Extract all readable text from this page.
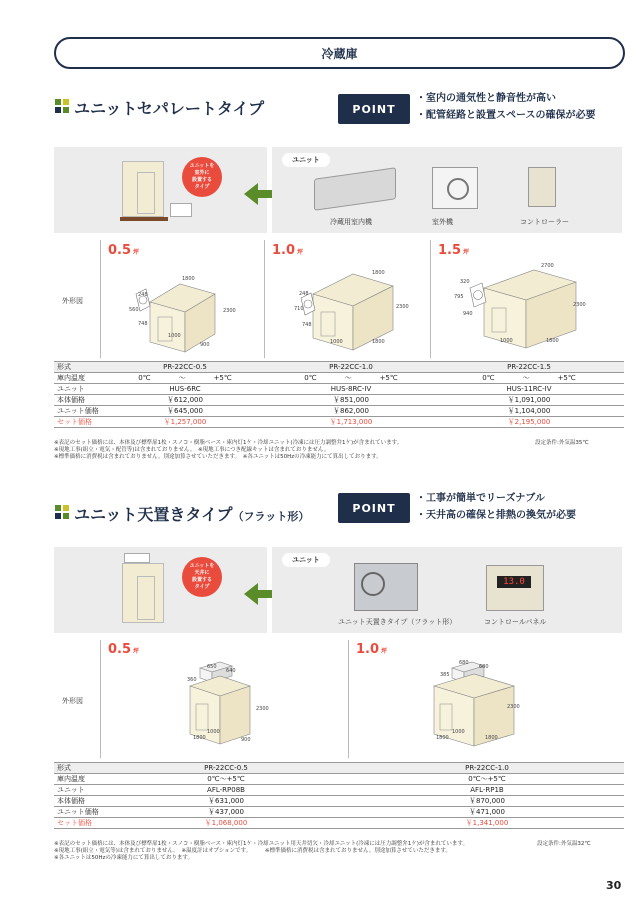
冷蔵庫
ユニットセパレートタイプ	POINT
・室内の通気性と静音性が高い
・配管経路と設置スペースの確保が必要
ユニットを
室外に
設置する
タイプ
ユニット
冷蔵用室内機	室外機	コントローラー
外形図
0.5 坪	1.0 坪	1.5 坪
1800
248
560
748
1000
900
2300
1800
248
710
748
1000	1800
2300
2700
320
795
940
1000	1800
2300
形式	PR-22CC-0.5	PR-22CC-1.0	PR-22CC-1.5
庫内温度	0℃　　　　 ～　　　　 +5℃	0℃　　　　 ～　　　　 +5℃	0℃　　　　 ～　　　　 +5℃
ユニット	HUS-6RC	HUS-8RC-IV	HUS-11RC-IV
本体価格	￥612,000	￥851,000	￥1,091,000
ユニット価格	￥645,000	￥862,000	￥1,104,000
セット価格	￥1,257,000	￥1,713,000	￥2,195,000
※表記のセット価格には、本体及び標準扉1枚・スノコ・樹脂ベース・庫内灯1ケ・冷却ユニット(冷凍には圧力調整弁1ケ)が含まれています。
※現地工事(組立・電気・配管等)は含まれておりません。　※現地工事につき配線キットは含まれておりません。
※標準価格に消費税は含まれておりません。別途加算させていただきます。　※各ユニットは50Hzの冷凍能力にて算出しております。
設定条件:外気温35℃
ユニット天置きタイプ（フラット形）
POINT
・工事が簡単でリーズナブル
・天井高の確保と排熱の換気が必要
ユニットを
天井に
設置する
タイプ
ユニット
13.0
ユニット天置きタイプ（フラット形）	コントロールパネル
外形図
0.5 坪	1.0 坪
650
640
360
1800
1000
900
2300
680
680
385
1800
1000
1800
2300
形式	PR-22CC-0.5	PR-22CC-1.0
庫内温度	0℃～+5℃	0℃～+5℃
ユニット	AFL-RP08B	AFL-RP1B
本体価格	￥631,000	￥870,000
ユニット価格	￥437,000	￥471,000
セット価格	￥1,068,000	￥1,341,000
※表記のセット価格には、本体及び標準扉1枚・スノコ・樹脂ベース・庫内灯1ケ・冷却ユニット用天井切欠・冷却ユニット(冷凍には圧力調整弁1ケ)が含まれています。
※現地工事(組立・電気等)は含まれておりません。　※温度計はオプションです。　　　※標準価格に消費税は含まれておりません。別途加算させていただきます。
※各ユニットは50Hzの冷凍能力にて算出しております。
設定条件:外気温32℃
30
